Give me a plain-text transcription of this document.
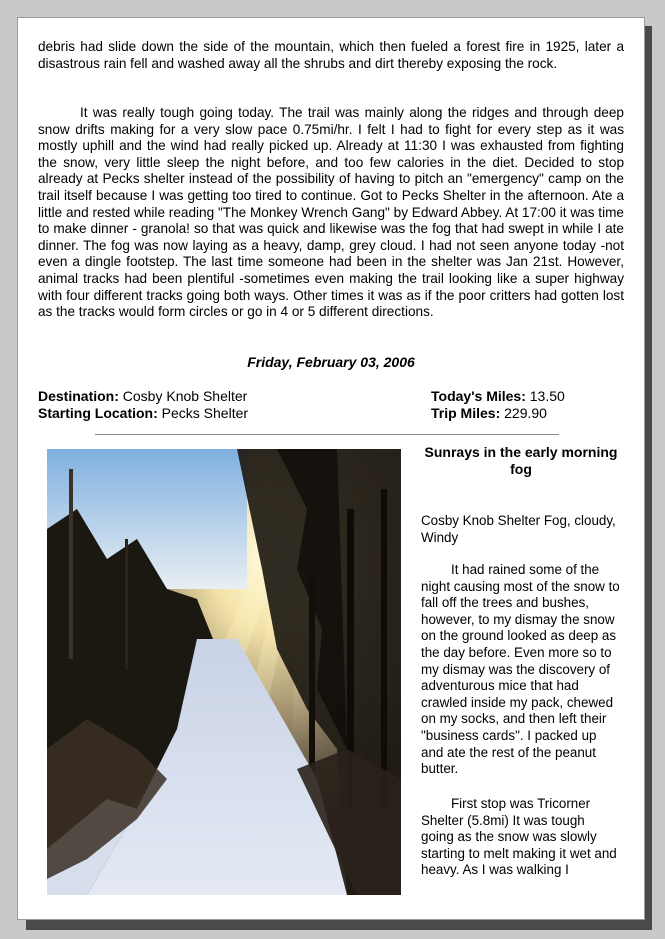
debris had slide down the side of the mountain, which then fueled a forest fire in 1925, later a disastrous rain fell and washed away all the shrubs and dirt thereby exposing the rock.

It was really tough going today. The trail was mainly along the ridges and through deep snow drifts making for a very slow pace 0.75mi/hr. I felt I had to fight for every step as it was mostly uphill and the wind had really picked up. Already at 11:30 I was exhausted from fighting the snow, very little sleep the night before, and too few calories in the diet. Decided to stop already at Pecks shelter instead of the possibility of having to pitch an "emergency" camp on the trail itself because I was getting too tired to continue. Got to Pecks Shelter in the afternoon. Ate a little and rested while reading "The Monkey Wrench Gang" by Edward Abbey. At 17:00 it was time to make dinner - granola! so that was quick and likewise was the fog that had swept in while I ate dinner. The fog was now laying as a heavy, damp, grey cloud. I had not seen anyone today -not even a dingle footstep. The last time someone had been in the shelter was Jan 21st. However, animal tracks had been plentiful -sometimes even making the trail looking like a super highway with four different tracks going both ways. Other times it was as if the poor critters had gotten lost as the tracks would form circles or go in 4 or 5 different directions.

Friday, February 03, 2006
Destination: Cosby Knob Shelter
Starting Location: Pecks Shelter
Today's Miles: 13.50
Trip Miles: 229.90
Sunrays in the early morning fog
Cosby Knob Shelter Fog, cloudy, Windy
It had rained some of the night causing most of the snow to fall off the trees and bushes, however, to my dismay the snow on the ground looked as deep as the day before. Even more so to my dismay was the discovery of adventurous mice that had crawled inside my pack, chewed on my socks, and then left their "business cards". I packed up and ate the rest of the peanut butter.
First stop was Tricorner Shelter (5.8mi) It was tough going as the snow was slowly starting to melt making it wet and heavy. As I was walking I
